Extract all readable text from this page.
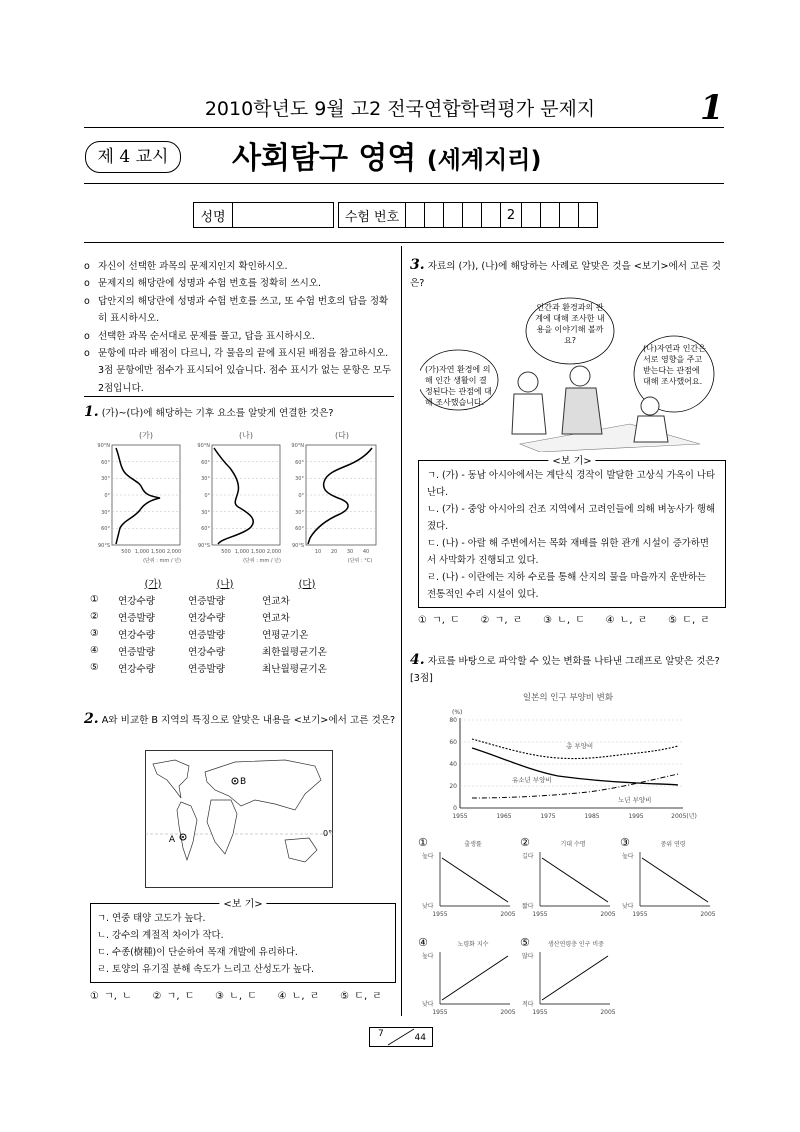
2010학년도 9월 고2 전국연합학력평가 문제지	1
제 4 교시	사회탐구 영역 (세계지리)
성명			수험 번호						2				
o 자신이 선택한 과목의 문제지인지 확인하시오.
o 문제지의 해당란에 성명과 수험 번호를 정확히 쓰시오.
o 답안지의 해당란에 성명과 수험 번호를 쓰고, 또 수험 번호의 답을 정확히 표시하시오.
o 선택한 과목 순서대로 문제를 풀고, 답을 표시하시오.
o 문항에 따라 배점이 다르니, 각 물음의 끝에 표시된 배점을 참고하시오. 3점 문항에만 점수가 표시되어 있습니다. 점수 표시가 없는 문항은 모두 2점입니다.
1. (가)~(다)에 해당하는 기후 요소를 알맞게 연결한 것은?
(가)	(나)	(다)
90°N
60°
30°
0°
30°
60°
90°S
90°N
60°
30°
0°
30°
60°
90°S
90°N
60°
30°
0°
30°
60°
90°S
500 1,000 1,500 2,000	500 1,000 1,500 2,000	10 20 30 40
(단위 : mm / 년)	(단위 : mm / 년)	(단위 : °C)
	(가)	(나)	(다)
①	연강수량	연증발량	연교차
②	연증발량	연강수량	연교차
③	연강수량	연증발량	연평균기온
④	연증발량	연강수량	최한월평균기온
⑤	연강수량	연증발량	최난월평균기온
2. A와 비교한 B 지역의 특징으로 알맞은 내용을 <보기>에서 고른 것은?
B
A
0°
<보 기>
ㄱ. 연중 태양 고도가 높다.
ㄴ. 강수의 계절적 차이가 작다.
ㄷ. 수종(樹種)이 단순하여 목재 개발에 유리하다.
ㄹ. 토양의 유기질 분해 속도가 느리고 산성도가 높다.
① ㄱ, ㄴ    ② ㄱ, ㄷ    ③ ㄴ, ㄷ    ④ ㄴ, ㄹ    ⑤ ㄷ, ㄹ
3. 자료의 (가), (나)에 해당하는 사례로 알맞은 것을 <보기>에서 고른 것은?
인간과 환경과의 관계에 대해 조사한 내용을 이야기해 볼까요?
(가)자연 환경에 의해 인간 생활이 결정된다는 관점에 대해 조사했습니다.
(나)자연과 인간은 서로 영향을 주고 받는다는 관점에 대해 조사했어요.
<보 기>
ㄱ. (가) - 동남 아시아에서는 계단식 경작이 발달한 고상식 가옥이 나타난다.
ㄴ. (가) - 중앙 아시아의 건조 지역에서 고려인들에 의해 벼농사가 행해졌다.
ㄷ. (나) - 아랄 해 주변에서는 목화 재배를 위한 관개 시설이 증가하면서 사막화가 진행되고 있다.
ㄹ. (나) - 이란에는 지하 수로를 통해 산지의 물을 마을까지 운반하는 전통적인 수리 시설이 있다.
① ㄱ, ㄷ    ② ㄱ, ㄹ    ③ ㄴ, ㄷ    ④ ㄴ, ㄹ    ⑤ ㄷ, ㄹ
4. 자료를 바탕으로 파악할 수 있는 변화를 나타낸 그래프로 알맞은 것은? [3점]
일본의 인구 부양비 변화
(%)
0
20
40
60
80
1955	1965	1975	1985	1995	2005(년)
총 부양비
유소년 부양비
노년 부양비
①	출생률
높다
낮다
1955	2005
②	기대 수명
길다
짧다
1955	2005
③	중위 연령
높다
낮다
1955	2005
④	노령화 지수
높다
낮다
1955	2005
⑤	생산연령층 인구 비중
많다
적다
1955	2005
7	44
